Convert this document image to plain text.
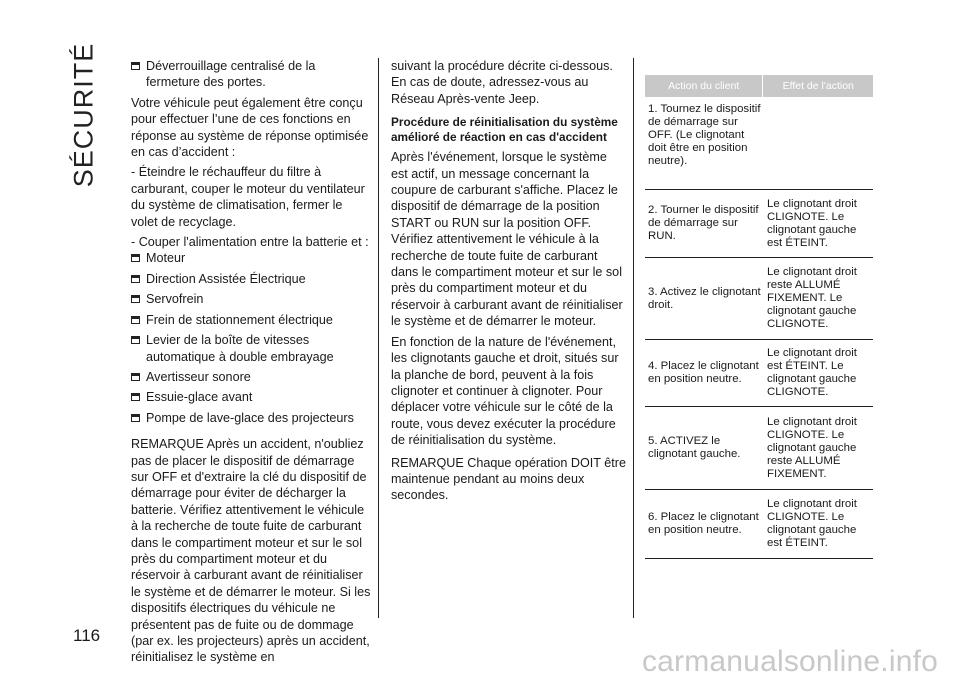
SÉCURITÉ	Déverrouillage centralisé de la fermeture des portes.

Votre véhicule peut également être conçu pour effectuer l’une de ces fonctions en réponse au système de réponse optimisée en cas d’accident :

- Éteindre le réchauffeur du filtre à carburant, couper le moteur du ventilateur du système de climatisation, fermer le volet de recyclage.

- Couper l'alimentation entre la batterie et :

Moteur

Direction Assistée Électrique

Servofrein

Frein de stationnement électrique

Levier de la boîte de vitesses automatique à double embrayage

Avertisseur sonore

Essuie-glace avant

Pompe de lave-glace des projecteurs

REMARQUE Après un accident, n'oubliez pas de placer le dispositif de démarrage sur OFF et d'extraire la clé du dispositif de démarrage pour éviter de décharger la batterie. Vérifiez attentivement le véhicule à la recherche de toute fuite de carburant dans le compartiment moteur et sur le sol près du compartiment moteur et du réservoir à carburant avant de réinitialiser le système et de démarrer le moteur. Si les dispositifs électriques du véhicule ne présentent pas de fuite ou de dommage (par ex. les projecteurs) après un accident, réinitialisez le système en

suivant la procédure décrite ci-dessous. En cas de doute, adressez-vous au Réseau Après-vente Jeep.

Procédure de réinitialisation du système amélioré de réaction en cas d'accident

Après l'événement, lorsque le système est actif, un message concernant la coupure de carburant s'affiche. Placez le dispositif de démarrage de la position START ou RUN sur la position OFF. Vérifiez attentivement le véhicule à la recherche de toute fuite de carburant dans le compartiment moteur et sur le sol près du compartiment moteur et du réservoir à carburant avant de réinitialiser le système et de démarrer le moteur.

En fonction de la nature de l'événement, les clignotants gauche et droit, situés sur la planche de bord, peuvent à la fois clignoter et continuer à clignoter. Pour déplacer votre véhicule sur le côté de la route, vous devez exécuter la procédure de réinitialisation du système.

REMARQUE Chaque opération DOIT être maintenue pendant au moins deux secondes.

Action du client	Effet de l'action
1. Tournez le dispositif de démarrage sur OFF. (Le clignotant doit être en position neutre).
2. Tourner le dispositif de démarrage sur RUN.
Le clignotant droit CLIGNOTE. Le clignotant gauche est ÉTEINT.
3. Activez le clignotant droit.
Le clignotant droit reste ALLUMÉ FIXEMENT. Le clignotant gauche CLIGNOTE.
4. Placez le clignotant en position neutre.
Le clignotant droit est ÉTEINT. Le clignotant gauche CLIGNOTE.
5. ACTIVEZ le clignotant gauche.
Le clignotant droit CLIGNOTE. Le clignotant gauche reste ALLUMÉ FIXEMENT.
6. Placez le clignotant en position neutre.
Le clignotant droit CLIGNOTE. Le clignotant gauche est ÉTEINT.
116
carmanualsonline.info
